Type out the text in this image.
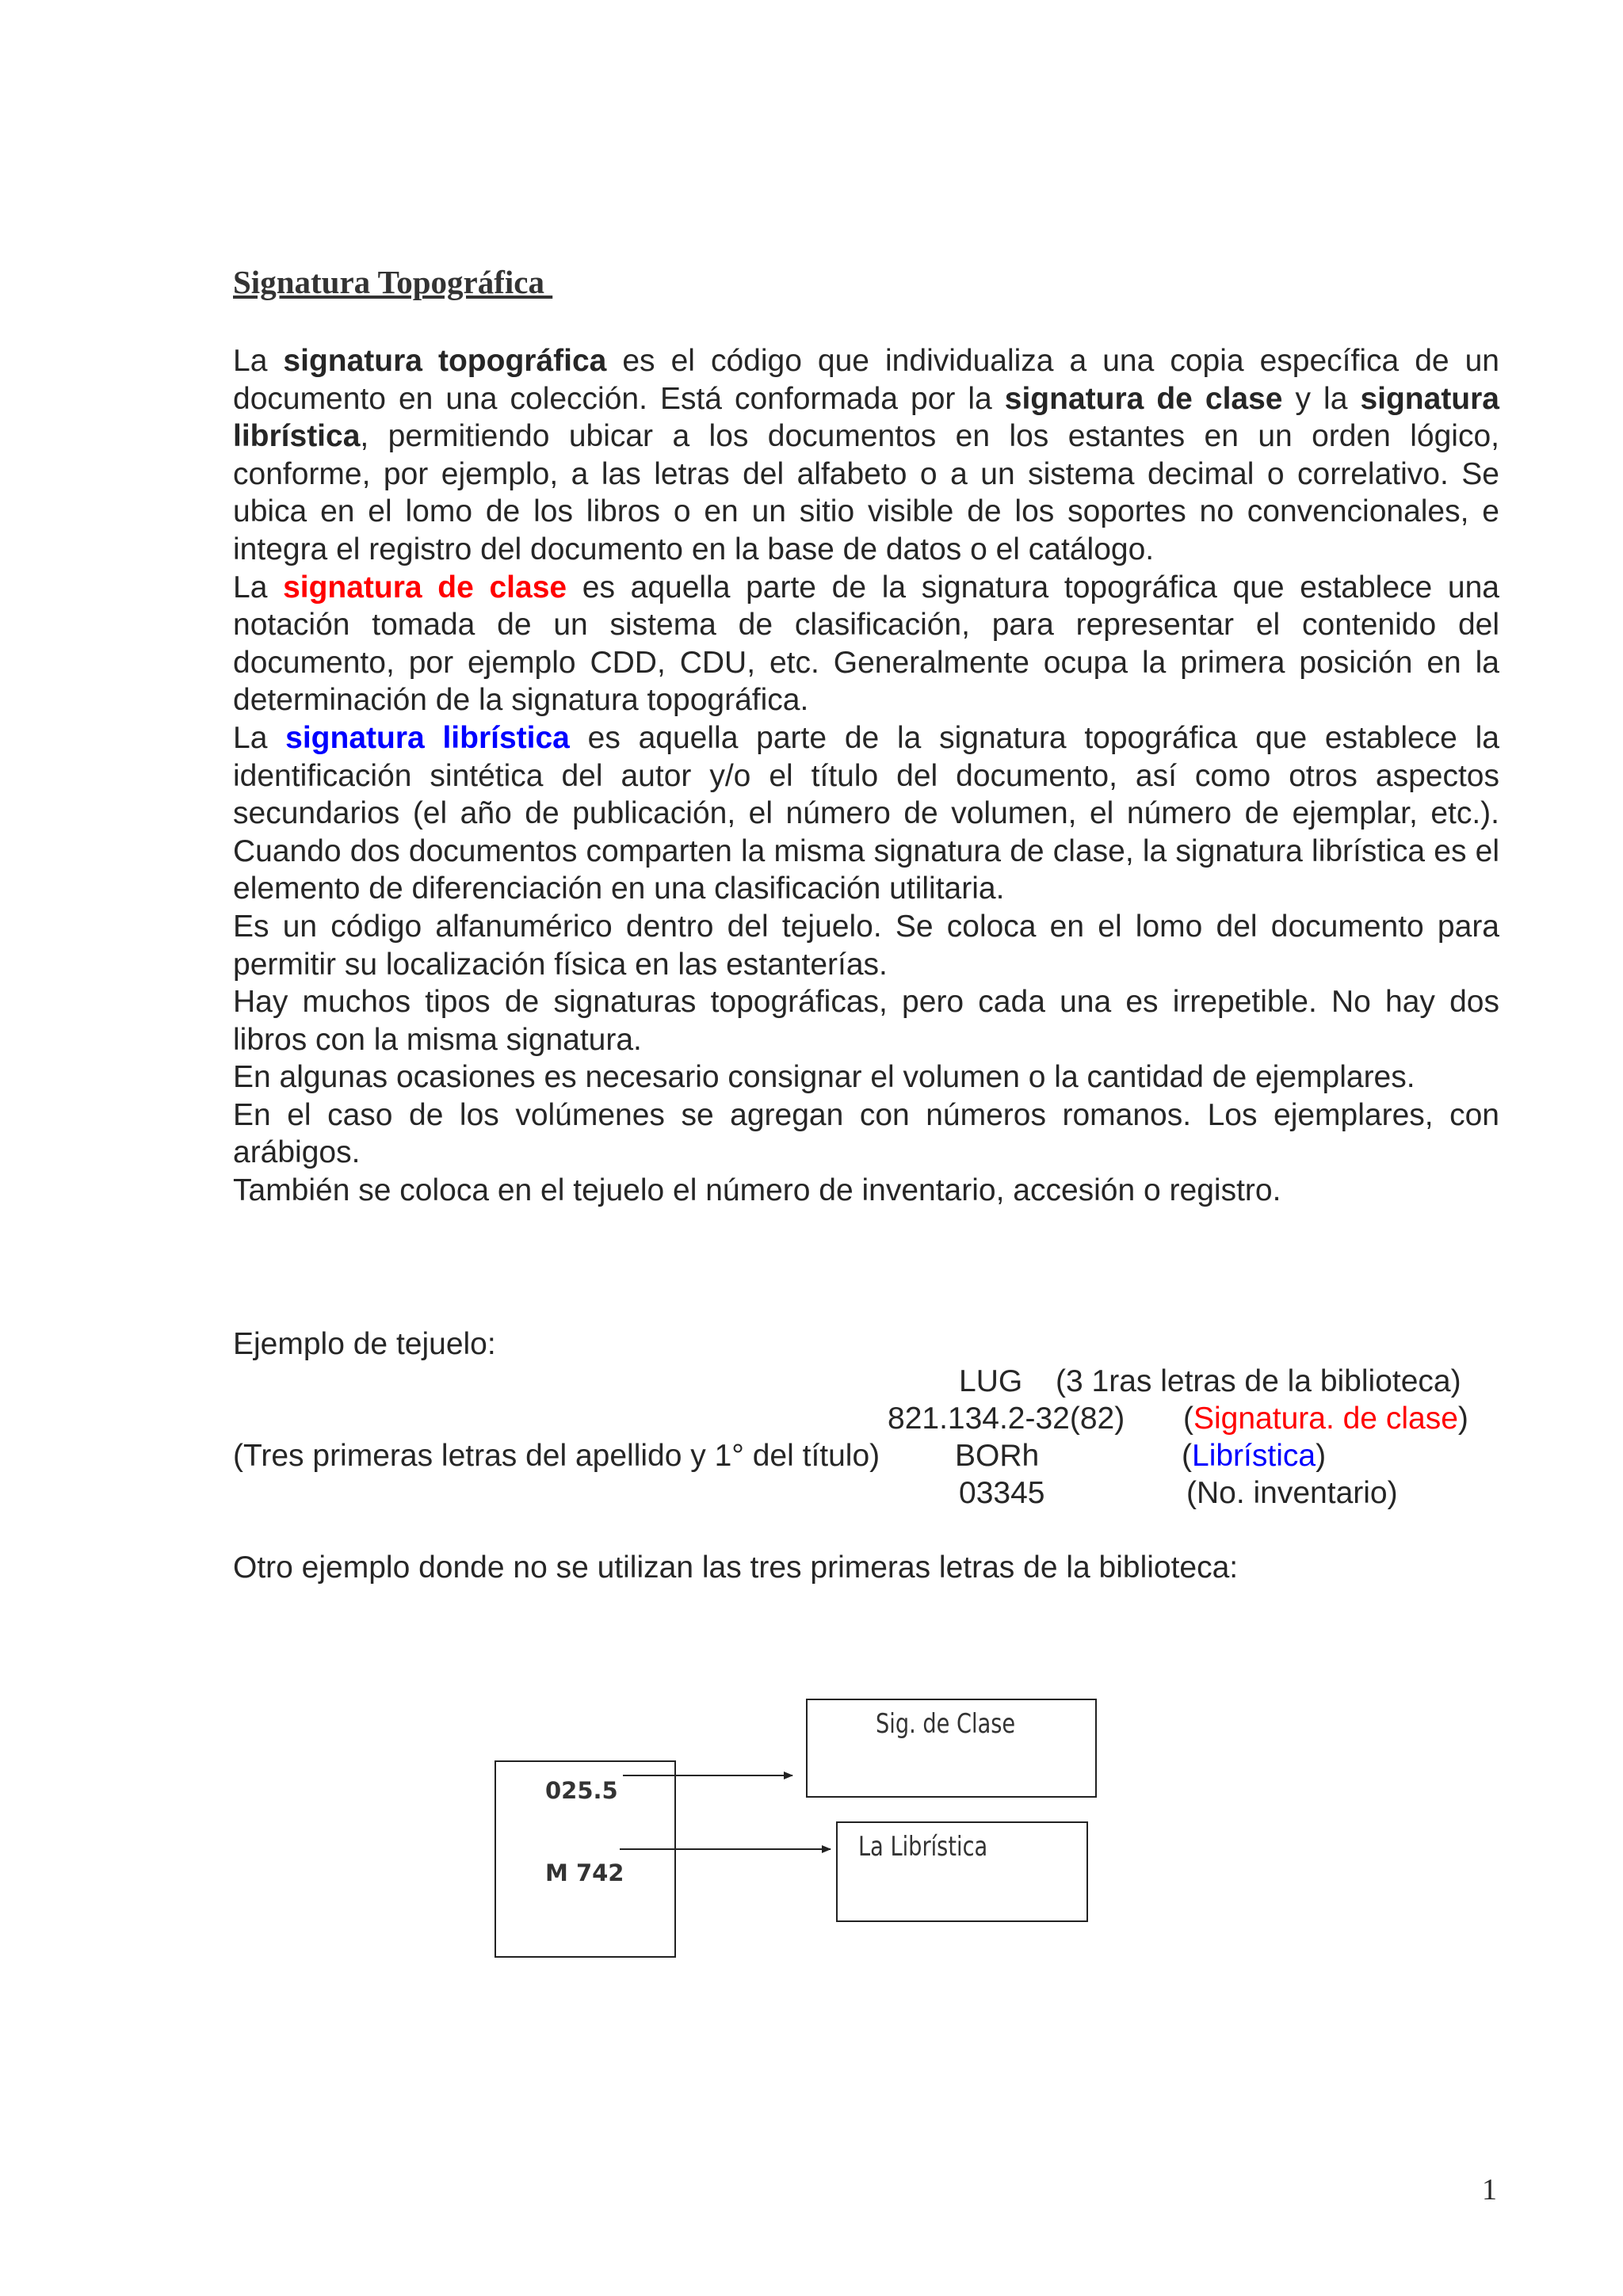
Signatura Topográfica

La signatura topográfica es el código que individualiza a una copia específica de un documento en una colección. Está conformada por la signatura de clase y la signatura librística, permitiendo ubicar a los documentos en los estantes en un orden lógico, conforme, por ejemplo, a las letras del alfabeto o a un sistema decimal o correlativo. Se ubica en el lomo de los libros o en un sitio visible de los soportes no convencionales, e integra el registro del documento en la base de datos o el catálogo.

La signatura de clase es aquella parte de la signatura topográfica que establece una notación tomada de un sistema de clasificación, para representar el contenido del documento, por ejemplo CDD, CDU, etc. Generalmente ocupa la primera posición en la determinación de la signatura topográfica.

La signatura librística es aquella parte de la signatura topográfica que establece la identificación sintética del autor y/o el título del documento, así como otros aspectos secundarios (el año de publicación, el número de volumen, el número de ejemplar, etc.). Cuando dos documentos comparten la misma signatura de clase, la signatura librística es el elemento de diferenciación en una clasificación utilitaria.

Es un código alfanumérico dentro del tejuelo. Se coloca en el lomo del documento para permitir su localización física en las estanterías.

Hay muchos tipos de signaturas topográficas, pero cada una es irrepetible. No hay dos libros con la misma signatura.

En algunas ocasiones es necesario consignar el volumen o la cantidad de ejemplares.

En el caso de los volúmenes se agregan con números romanos. Los ejemplares, con arábigos.

También se coloca en el tejuelo el número de inventario, accesión o registro.

Ejemplo de tejuelo:
LUG (3 1ras letras de la biblioteca)
821.134.2-32(82) (Signatura. de clase)
(Tres primeras letras del apellido y 1° del título) BORh	(Librística)
03345	(No. inventario)
Otro ejemplo donde no se utilizan las tres primeras letras de la biblioteca:
025.5
M 742
Sig. de Clase
La Librística
1
